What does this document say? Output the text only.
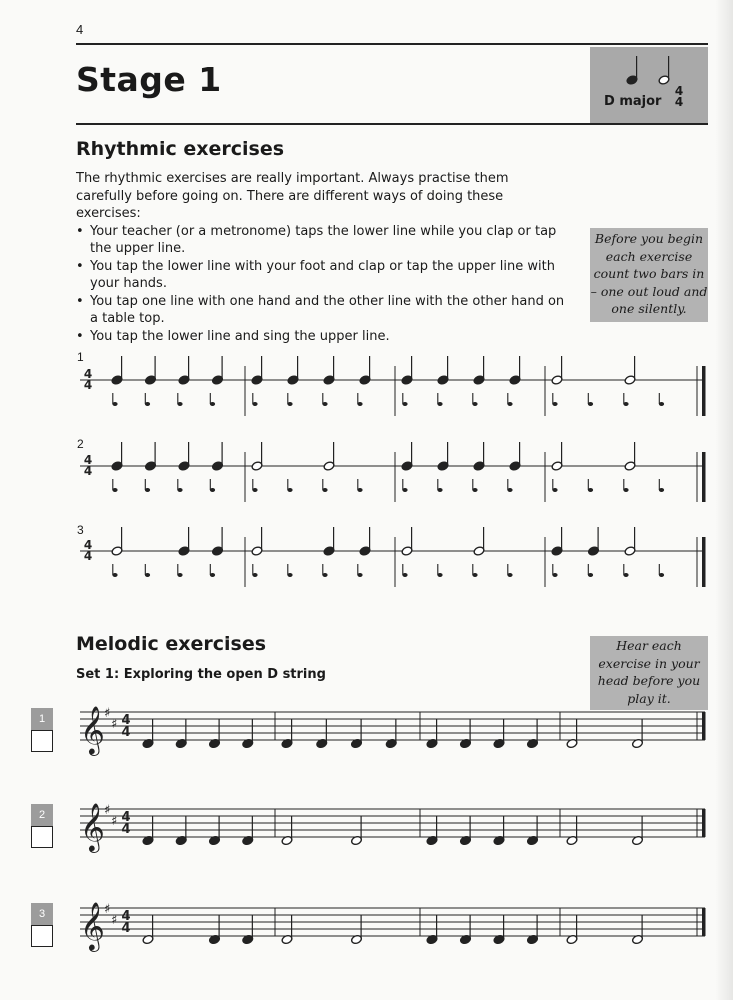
4
Stage 1
D major
4
4
Rhythmic exercises
The rhythmic exercises are really important. Always practise them carefully before going on. There are different ways of doing these exercises:
• Your teacher (or a metronome) taps the lower line while you clap or tap the upper line.
• You tap the lower line with your foot and clap or tap the upper line with your hands.
• You tap one line with one hand and the other line with the other hand on a table top.
• You tap the lower line and sing the upper line.
Before you begin each exercise count two bars in – one out loud and one silently.
Melodic exercises
Set 1: Exploring the open D string
Hear each exercise in your head before you play it.
1
2
3
1
2
3
4
4
4
4
4
4
𝄞 ♯
♯ 4
4
𝄞 ♯
♯ 4
4
𝄞 ♯
♯ 4
4
